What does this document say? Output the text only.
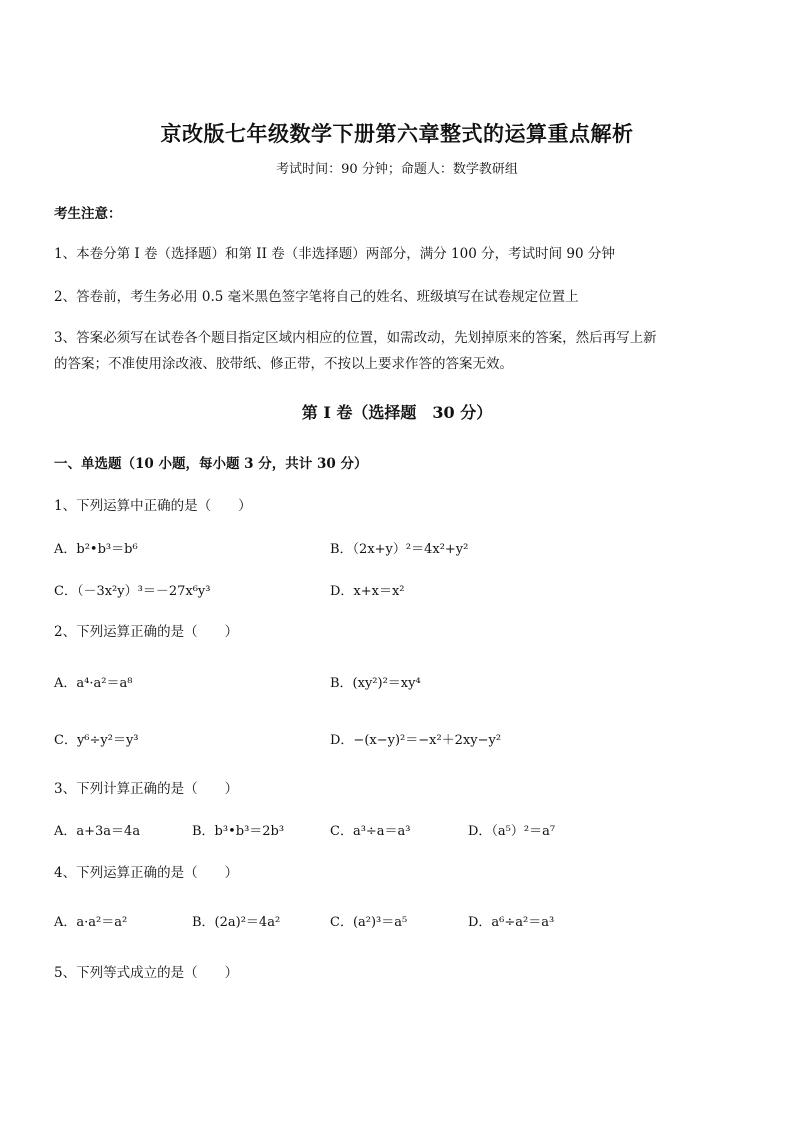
京改版七年级数学下册第六章整式的运算重点解析
考试时间：90 分钟；命题人：数学教研组
考生注意：
1、本卷分第 I 卷（选择题）和第 II 卷（非选择题）两部分，满分 100 分，考试时间 90 分钟
2、答卷前，考生务必用 0.5 毫米黑色签字笔将自己的姓名、班级填写在试卷规定位置上
3、答案必须写在试卷各个题目指定区域内相应的位置，如需改动，先划掉原来的答案，然后再写上新
的答案；不准使用涂改液、胶带纸、修正带，不按以上要求作答的答案无效。
第 I 卷（选择题　30 分）
一、单选题（10 小题，每小题 3 分，共计 30 分）
1、下列运算中正确的是（　　）
A．b²•b³＝b⁶	B．（2x+y）²＝4x²+y²
C．（－3x²y）³＝－27x⁶y³	D．x+x＝x²
2、下列运算正确的是（　　）
A．a⁴·a²＝a⁸	B．(xy²)²＝xy⁴
C．y⁶÷y²＝y³	D．−(x−y)²＝−x²＋2xy−y²
3、下列计算正确的是（　　）
A．a+3a＝4a	B．b³•b³＝2b³	C．a³÷a＝a³	D．（a⁵）²＝a⁷
4、下列运算正确的是（　　）
A．a·a²＝a²	B．(2a)²＝4a²	C．(a²)³＝a⁵	D．a⁶÷a²＝a³
5、下列等式成立的是（　　）
